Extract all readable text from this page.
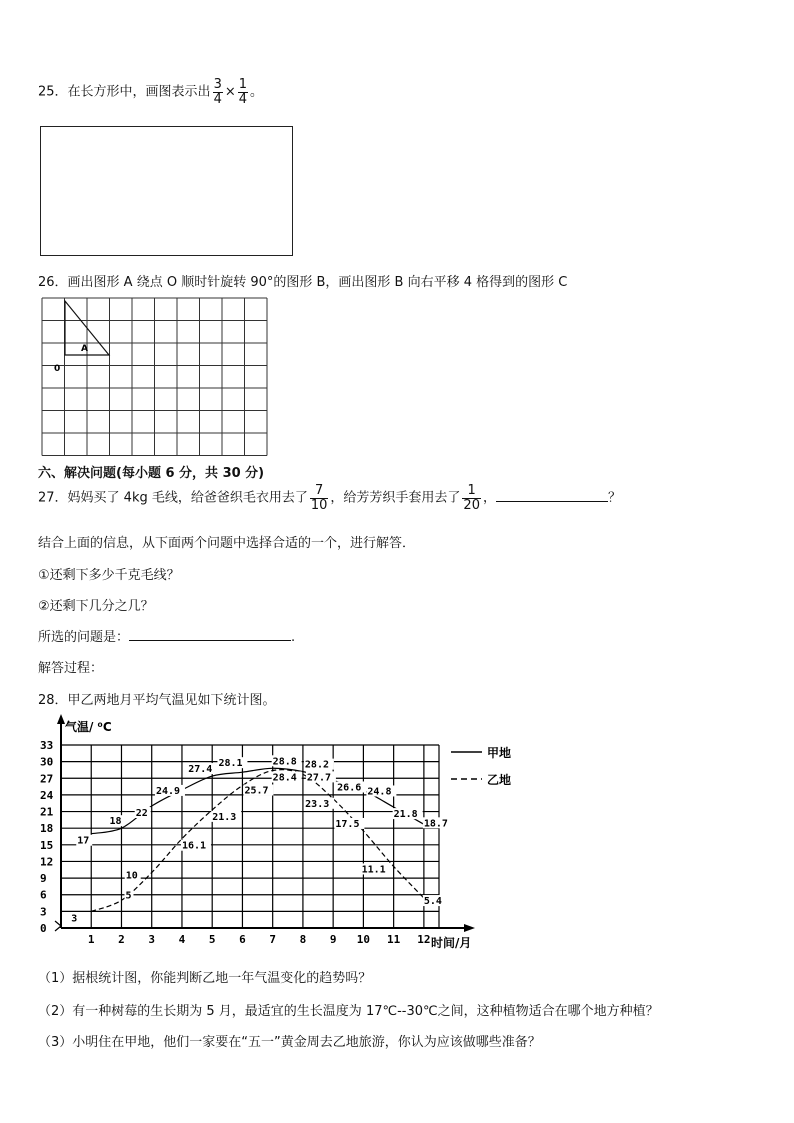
25．在长方形中，画图表示出 $\frac{3}{4} \times \frac{1}{4}$ 。
26．画出图形 A 绕点 O 顺时针旋转 90°的图形 B，画出图形 B 向右平移 4 格得到的图形 C
A
0
六、解决问题(每小题 6 分，共 30 分)
27．妈妈买了 4kg 毛线，给爸爸织毛衣用去了 $\frac{7}{10}$ ，给芳芳织手套用去了 $\frac{1}{20}$ ，	？
结合上面的信息，从下面两个问题中选择合适的一个，进行解答．
①还剩下多少千克毛线？
②还剩下几分之几？
所选的问题是：	.
解答过程：
28．甲乙两地月平均气温见如下统计图。
0
3
6
9
12
15
18
21
24
27
30
33
1 2 3 4 5 6 7 8 9 10 11 12
气温/ ⁰C
时间/月
17
18
22
24.9
27.4
28.1	28.8 28.2
26.6 24.8
21.8
18.7
3
5
10
16.1
21.3
25.7
28.4 27.7
23.3
17.5
11.1
5.4
甲地
乙地
（1）据根统计图，你能判断乙地一年气温变化的趋势吗？
（2）有一种树莓的生长期为 5 月，最适宜的生长温度为 17℃--30℃之间，这种植物适合在哪个地方种植？
（3）小明住在甲地，他们一家要在“五一”黄金周去乙地旅游，你认为应该做哪些准备？
